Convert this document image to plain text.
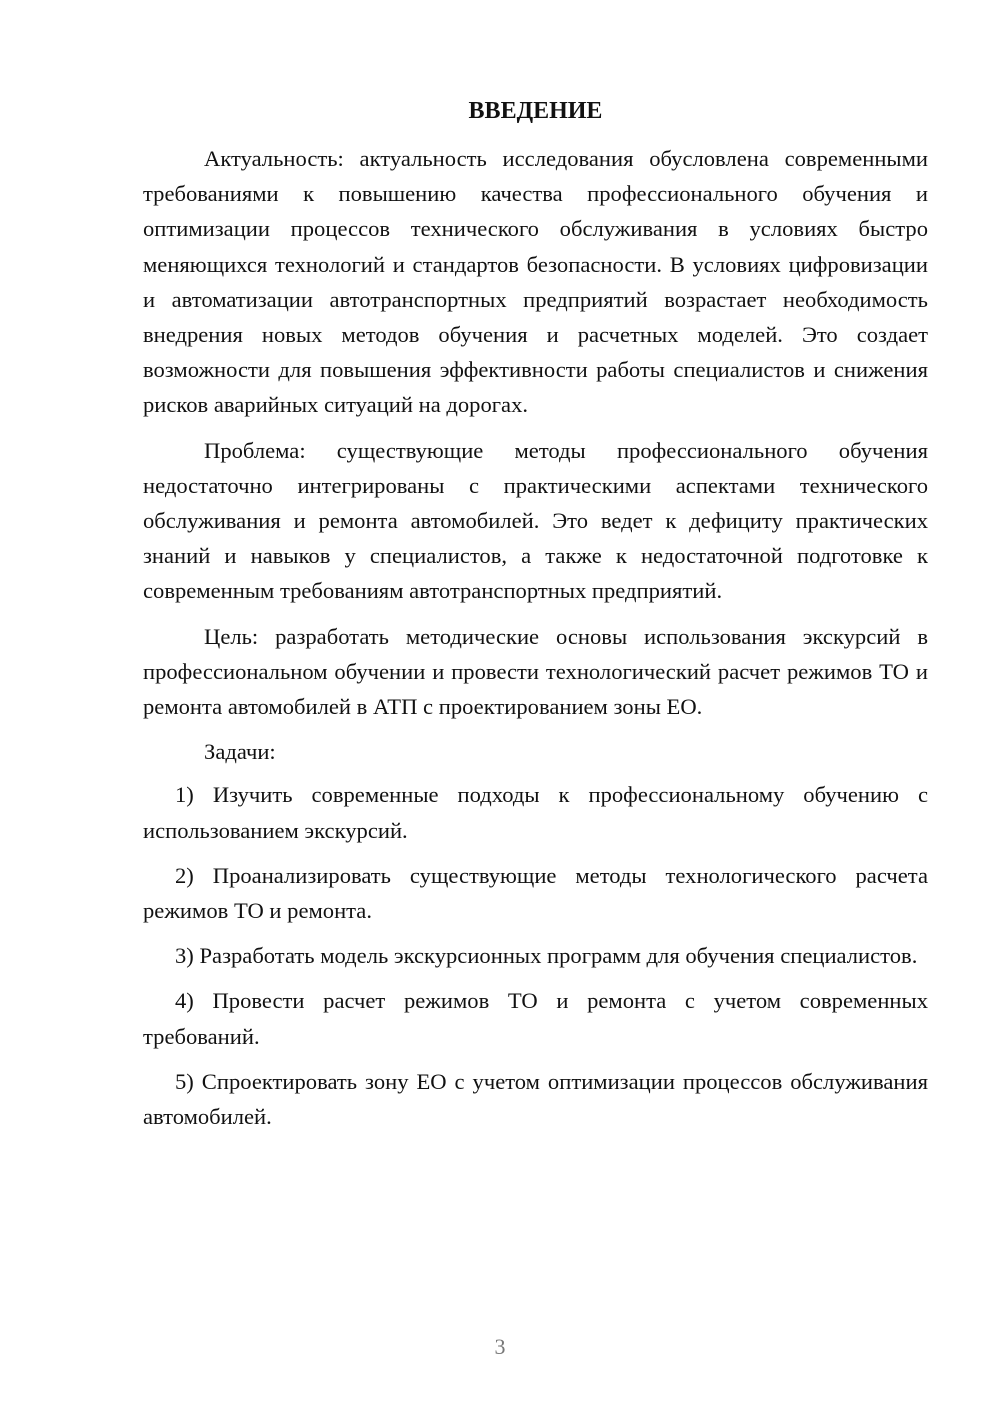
ВВЕДЕНИЕ

Актуальность: актуальность исследования обусловлена современными требованиями к повышению качества профессионального обучения и оптимизации процессов технического обслуживания в условиях быстро меняющихся технологий и стандартов безопасности. В условиях цифровизации и автоматизации автотранспортных предприятий возрастает необходимость внедрения новых методов обучения и расчетных моделей. Это создает возможности для повышения эффективности работы специалистов и снижения рисков аварийных ситуаций на дорогах.

Проблема: существующие методы профессионального обучения недостаточно интегрированы с практическими аспектами технического обслуживания и ремонта автомобилей. Это ведет к дефициту практических знаний и навыков у специалистов, а также к недостаточной подготовке к современным требованиям автотранспортных предприятий.

Цель: разработать методические основы использования экскурсий в профессиональном обучении и провести технологический расчет режимов ТО и ремонта автомобилей в АТП с проектированием зоны ЕО.

Задачи:

1) Изучить современные подходы к профессиональному обучению с использованием экскурсий.

2) Проанализировать существующие методы технологического расчета режимов ТО и ремонта.

3) Разработать модель экскурсионных программ для обучения специалистов.

4) Провести расчет режимов ТО и ремонта с учетом современных требований.

5) Спроектировать зону ЕО с учетом оптимизации процессов обслуживания автомобилей.

3
